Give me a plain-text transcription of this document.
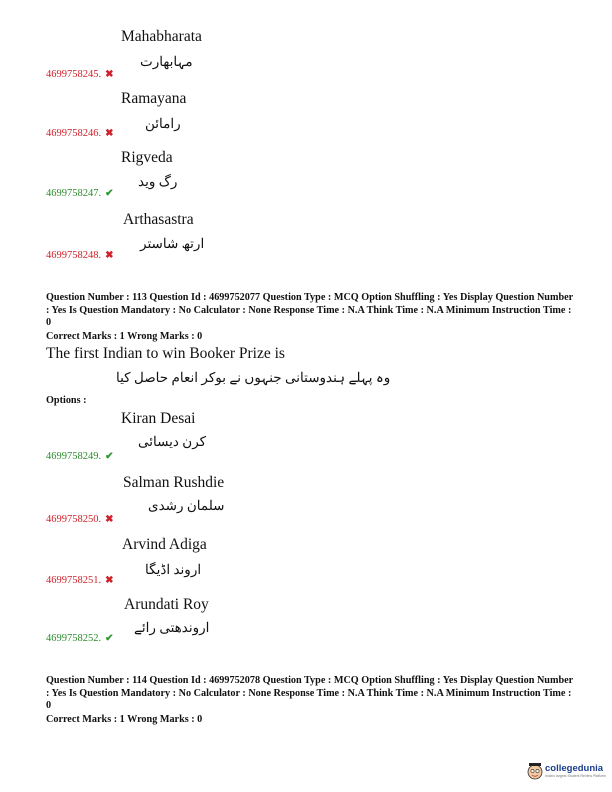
Mahabharata
مہابھارت
4699758245. ✖
Ramayana
رامائن
4699758246. ✖
Rigveda
رگ وید
4699758247. ✔
Arthasastra
ارتھ شاستر
4699758248. ✖
Question Number : 113 Question Id : 4699752077 Question Type : MCQ Option Shuffling : Yes Display Question Number : Yes Is Question Mandatory : No Calculator : None Response Time : N.A Think Time : N.A Minimum Instruction Time : 0
Correct Marks : 1 Wrong Marks : 0
The first Indian to win Booker Prize is
وہ پہلے ہندوستانی جنہوں نے بوکر انعام حاصل کیا
Options :
Kiran Desai
کرن دیسائی
4699758249. ✔
Salman Rushdie
سلمان رشدی
4699758250. ✖
Arvind Adiga
اروند اڈیگا
4699758251. ✖
Arundati Roy
اروندھتی رائے
4699758252. ✔
Question Number : 114 Question Id : 4699752078 Question Type : MCQ Option Shuffling : Yes Display Question Number : Yes Is Question Mandatory : No Calculator : None Response Time : N.A Think Time : N.A Minimum Instruction Time : 0
Correct Marks : 1 Wrong Marks : 0
collegedunia
India's largest Student Review Platform
